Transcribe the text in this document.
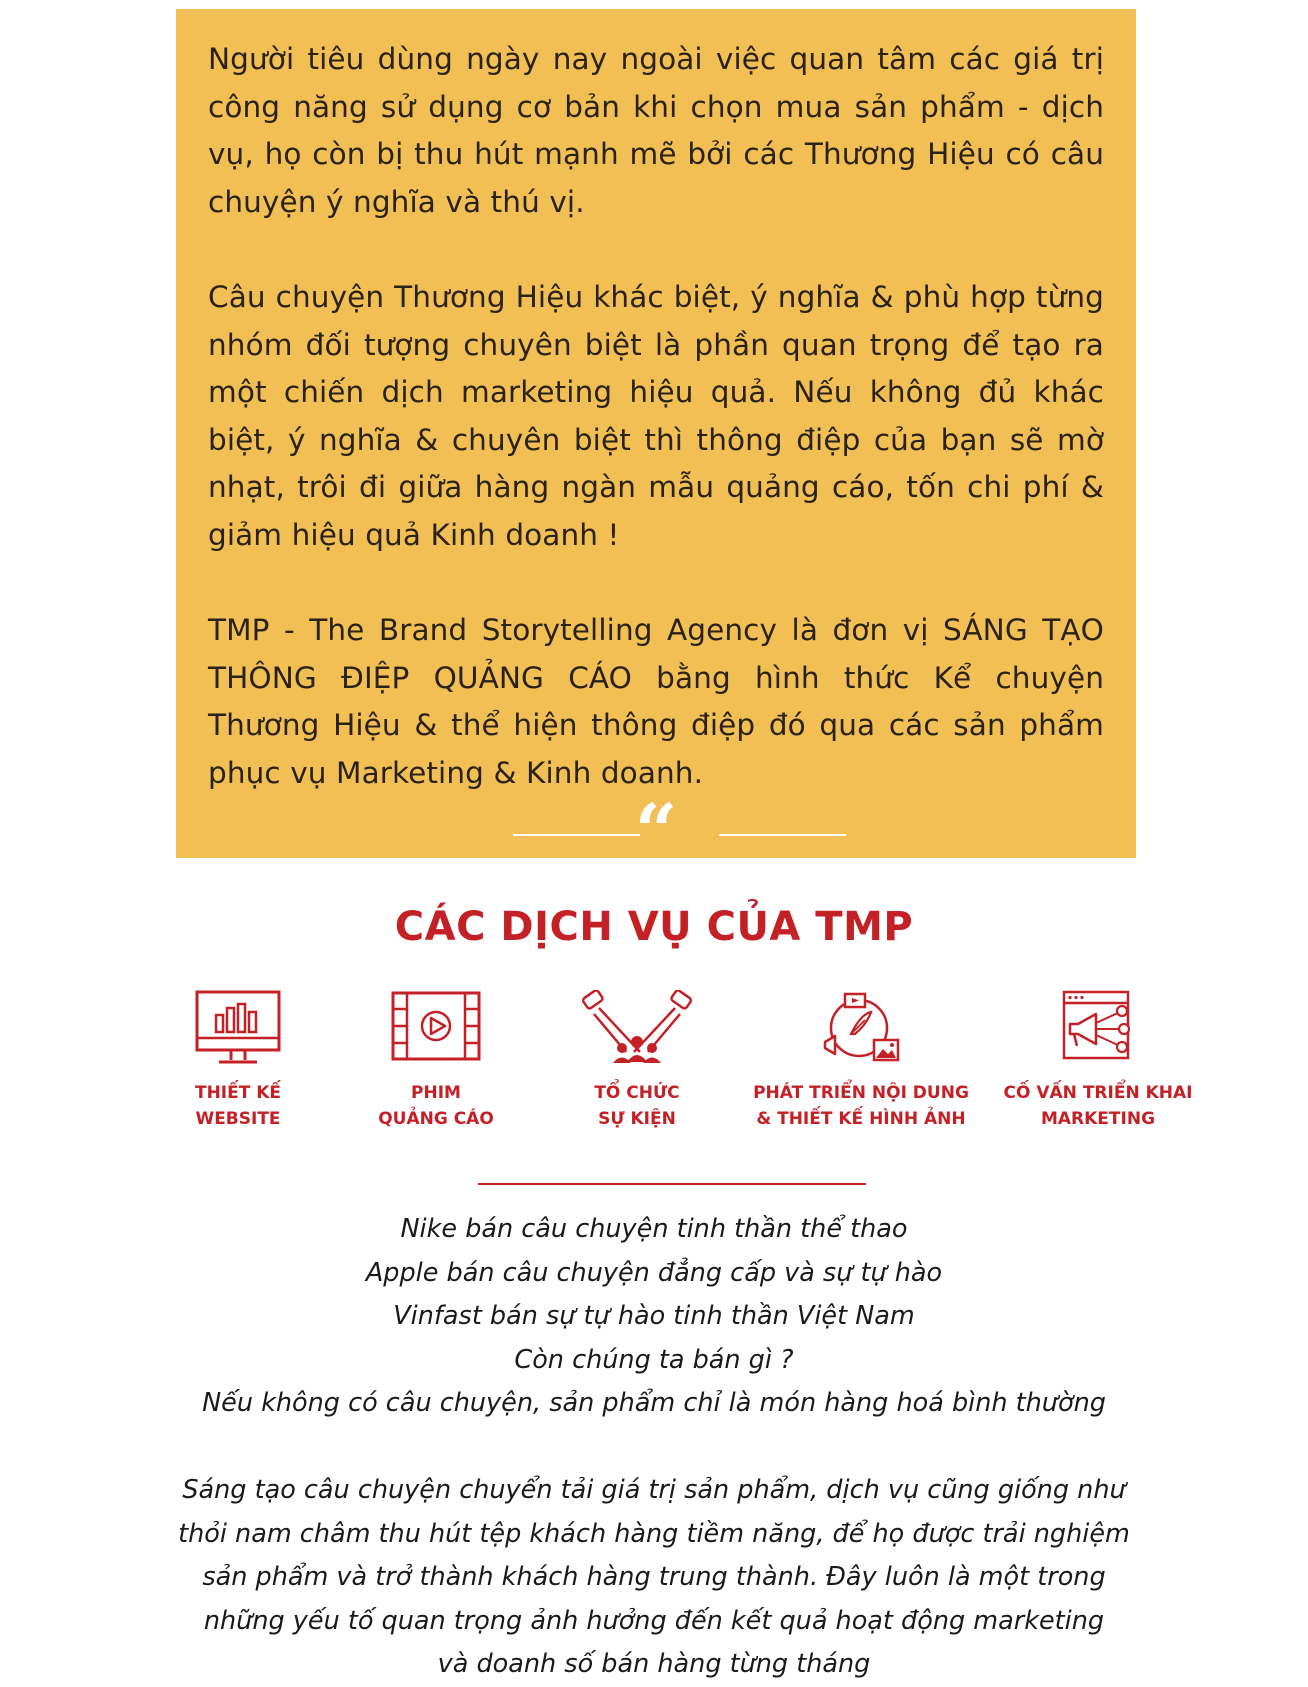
Người tiêu dùng ngày nay ngoài việc quan tâm các giá trị công năng sử dụng cơ bản khi chọn mua sản phẩm - dịch vụ, họ còn bị thu hút mạnh mẽ bởi các Thương Hiệu có câu chuyện ý nghĩa và thú vị.

Câu chuyện Thương Hiệu khác biệt, ý nghĩa & phù hợp từng nhóm đối tượng chuyên biệt là phần quan trọng để tạo ra một chiến dịch marketing hiệu quả. Nếu không đủ khác biệt, ý nghĩa & chuyên biệt thì thông điệp của bạn sẽ mờ nhạt, trôi đi giữa hàng ngàn mẫu quảng cáo, tốn chi phí & giảm hiệu quả Kinh doanh !

TMP - The Brand Storytelling Agency là đơn vị SÁNG TẠO THÔNG ĐIỆP QUẢNG CÁO bằng hình thức Kể chuyện Thương Hiệu & thể hiện thông điệp đó qua các sản phẩm phục vụ Marketing & Kinh doanh.

“
CÁC DỊCH VỤ CỦA TMP
THIẾT KẾ
WEBSITE
PHIM
QUẢNG CÁO
TỔ CHỨC
SỰ KIỆN
PHÁT TRIỂN NỘI DUNG
& THIẾT KẾ HÌNH ẢNH
CỐ VẤN TRIỂN KHAI
MARKETING
Nike bán câu chuyện tinh thần thể thao
Apple bán câu chuyện đẳng cấp và sự tự hào
Vinfast bán sự tự hào tinh thần Việt Nam
Còn chúng ta bán gì ?
Nếu không có câu chuyện, sản phẩm chỉ là món hàng hoá bình thường
Sáng tạo câu chuyện chuyển tải giá trị sản phẩm, dịch vụ cũng giống như
thỏi nam châm thu hút tệp khách hàng tiềm năng, để họ được trải nghiệm
sản phẩm và trở thành khách hàng trung thành. Đây luôn là một trong
những yếu tố quan trọng ảnh hưởng đến kết quả hoạt động marketing
và doanh số bán hàng từng tháng
